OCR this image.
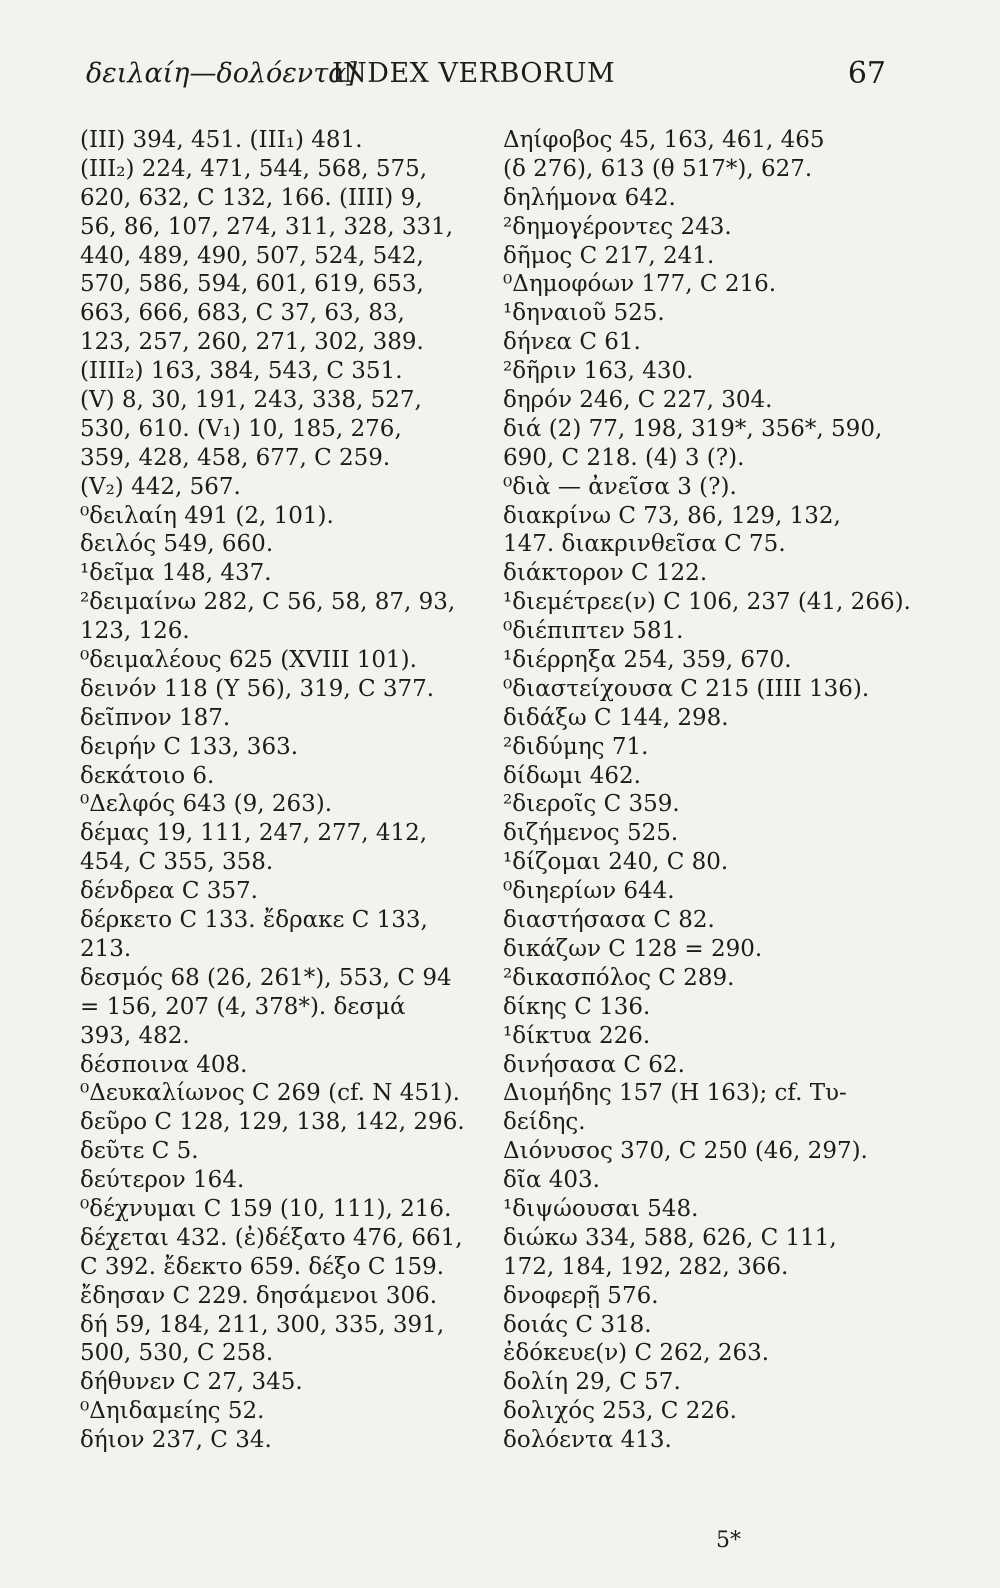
δειλαίη—δολόεντα]
INDEX VERBORUM	67
(III) 394, 451. (III₁) 481.
(III₂) 224, 471, 544, 568, 575,
620, 632, C 132, 166. (IIII) 9,
56, 86, 107, 274, 311, 328, 331,
440, 489, 490, 507, 524, 542,
570, 586, 594, 601, 619, 653,
663, 666, 683, C 37, 63, 83,
123, 257, 260, 271, 302, 389.
(IIII₂) 163, 384, 543, C 351.
(V) 8, 30, 191, 243, 338, 527,
530, 610. (V₁) 10, 185, 276,
359, 428, 458, 677, C 259.
(V₂) 442, 567.
⁰δειλαίη 491 (2, 101).
δειλός 549, 660.
¹δεῖμα 148, 437.
²δειμαίνω 282, C 56, 58, 87, 93,
123, 126.
⁰δειμαλέους 625 (XVIII 101).
δεινόν 118 (Υ 56), 319, C 377.
δεῖπνον 187.
δειρήν C 133, 363.
δεκάτοιο 6.
⁰Δελφός 643 (9, 263).
δέμας 19, 111, 247, 277, 412,
454, C 355, 358.
δένδρεα C 357.
δέρκετο C 133. ἔδρακε C 133,
213.
δεσμός 68 (26, 261*), 553, C 94
= 156, 207 (4, 378*). δεσμά
393, 482.
δέσποινα 408.
⁰Δευκαλίωνος C 269 (cf. Ν 451).
δεῦρο C 128, 129, 138, 142, 296.
δεῦτε C 5.
δεύτερον 164.
⁰δέχνυμαι C 159 (10, 111), 216.
δέχεται 432. (ἐ)δέξατο 476, 661,
C 392. ἔδεκτο 659. δέξο C 159.
ἔδησαν C 229. δησάμενοι 306.
δή 59, 184, 211, 300, 335, 391,
500, 530, C 258.
δήθυνεν C 27, 345.
⁰Δηιδαμείης 52.
δήιον 237, C 34.
Δηίφοβος 45, 163, 461, 465
(δ 276), 613 (θ 517*), 627.
δηλήμονα 642.
²δημογέροντες 243.
δῆμος C 217, 241.
⁰Δημοφόων 177, C 216.
¹δηναιοῦ 525.
δήνεα C 61.
²δῆριν 163, 430.
δηρόν 246, C 227, 304.
διά (2) 77, 198, 319*, 356*, 590,
690, C 218. (4) 3 (?).
⁰διὰ — ἀνεῖσα 3 (?).
διακρίνω C 73, 86, 129, 132,
147. διακρινθεῖσα C 75.
διάκτορον C 122.
¹διεμέτρεε(ν) C 106, 237 (41, 266).
⁰διέπιπτεν 581.
¹διέρρηξα 254, 359, 670.
⁰διαστείχουσα C 215 (IIII 136).
διδάξω C 144, 298.
²διδύμης 71.
δίδωμι 462.
²διεροῖς C 359.
διζήμενος 525.
¹δίζομαι 240, C 80.
⁰διηερίων 644.
διαστήσασα C 82.
δικάζων C 128 = 290.
²δικασπόλος C 289.
δίκης C 136.
¹δίκτυα 226.
δινήσασα C 62.
Διομήδης 157 (Η 163); cf. Τυ-
δείδης.
Διόνυσος 370, C 250 (46, 297).
δῖα 403.
¹διψώουσαι 548.
διώκω 334, 588, 626, C 111,
172, 184, 192, 282, 366.
δνοφερῇ 576.
δοιάς C 318.
ἐδόκευε(ν) C 262, 263.
δολίη 29, C 57.
δολιχός 253, C 226.
δολόεντα 413.
5*
